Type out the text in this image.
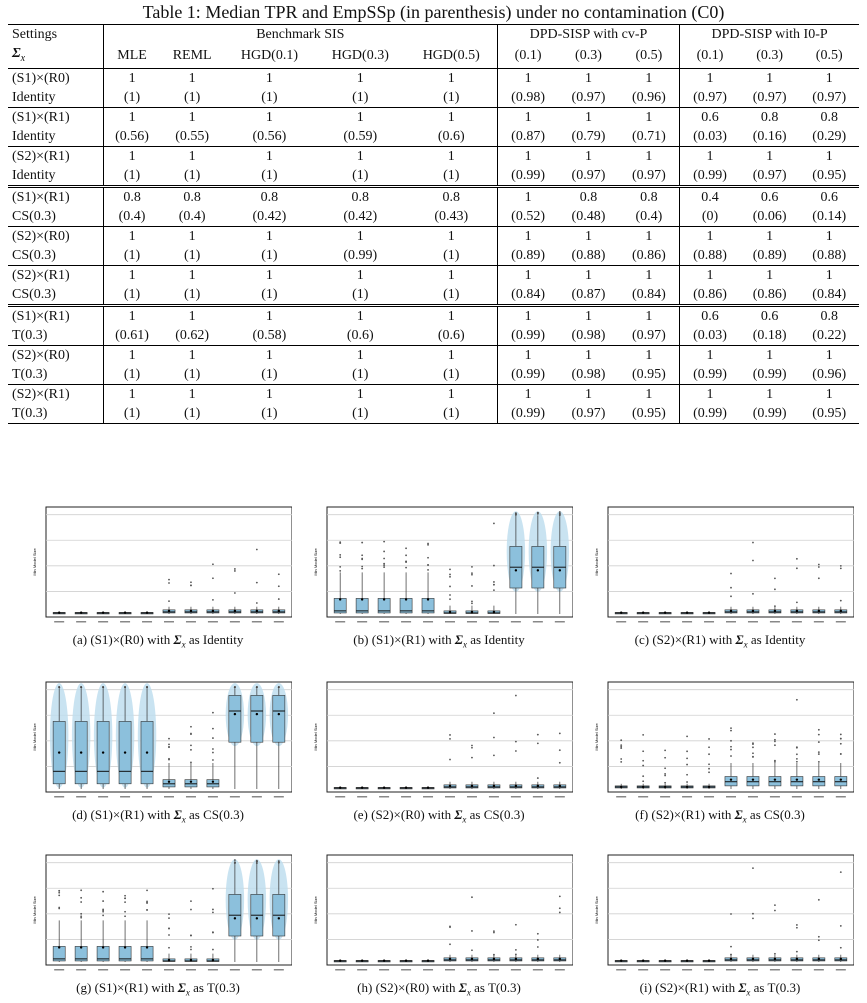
Table 1: Median TPR and EmpSSp (in parenthesis) under no contamination (C0)
Settings	Benchmark SIS					DPD-SISP with cv-P			DPD-SISP with I0-P		
$\Sigma_x$	MLE	REML	HGD(0.1)	HGD(0.3)	HGD(0.5)	(0.1)	(0.3)	(0.5)	(0.1)	(0.3)	(0.5)
(S1)×(R0)	1	1	1	1	1	1	1	1	1	1	1
Identity	(1)	(1)	(1)	(1)	(1)	(0.98)	(0.97)	(0.96)	(0.97)	(0.97)	(0.97)
(S1)×(R1)	1	1	1	1	1	1	1	1	0.6	0.8	0.8
Identity	(0.56)	(0.55)	(0.56)	(0.59)	(0.6)	(0.87)	(0.79)	(0.71)	(0.03)	(0.16)	(0.29)
(S2)×(R1)	1	1	1	1	1	1	1	1	1	1	1
Identity	(1)	(1)	(1)	(1)	(1)	(0.99)	(0.97)	(0.97)	(0.99)	(0.97)	(0.95)
(S1)×(R1)	0.8	0.8	0.8	0.8	0.8	1	0.8	0.8	0.4	0.6	0.6
CS(0.3)	(0.4)	(0.4)	(0.42)	(0.42)	(0.43)	(0.52)	(0.48)	(0.4)	(0)	(0.06)	(0.14)
(S2)×(R0)	1	1	1	1	1	1	1	1	1	1	1
CS(0.3)	(1)	(1)	(1)	(0.99)	(1)	(0.89)	(0.88)	(0.86)	(0.88)	(0.89)	(0.88)
(S2)×(R1)	1	1	1	1	1	1	1	1	1	1	1
CS(0.3)	(1)	(1)	(1)	(1)	(1)	(0.84)	(0.87)	(0.84)	(0.86)	(0.86)	(0.84)
(S1)×(R1)	1	1	1	1	1	1	1	1	0.6	0.6	0.8
T(0.3)	(0.61)	(0.62)	(0.58)	(0.6)	(0.6)	(0.99)	(0.98)	(0.97)	(0.03)	(0.18)	(0.22)
(S2)×(R0)	1	1	1	1	1	1	1	1	1	1	1
T(0.3)	(1)	(1)	(1)	(1)	(1)	(0.99)	(0.98)	(0.95)	(0.99)	(0.99)	(0.96)
(S2)×(R1)	1	1	1	1	1	1	1	1	1	1	1
T(0.3)	(1)	(1)	(1)	(1)	(1)	(0.99)	(0.97)	(0.95)	(0.99)	(0.99)	(0.95)
Min Model Size
(a) (S1)×(R0) with $\Sigma_x$ as Identity
Min Model Size
(b) (S1)×(R1) with $\Sigma_x$ as Identity
Min Model Size
(c) (S2)×(R1) with $\Sigma_x$ as Identity
Min Model Size
(d) (S1)×(R1) with $\Sigma_x$ as CS(0.3)
Min Model Size
(e) (S2)×(R0) with $\Sigma_x$ as CS(0.3)
Min Model Size
(f) (S2)×(R1) with $\Sigma_x$ as CS(0.3)
Min Model Size
(g) (S1)×(R1) with $\Sigma_x$ as T(0.3)
Min Model Size
(h) (S2)×(R0) with $\Sigma_x$ as T(0.3)
Min Model Size
(i) (S2)×(R1) with $\Sigma_x$ as T(0.3)
